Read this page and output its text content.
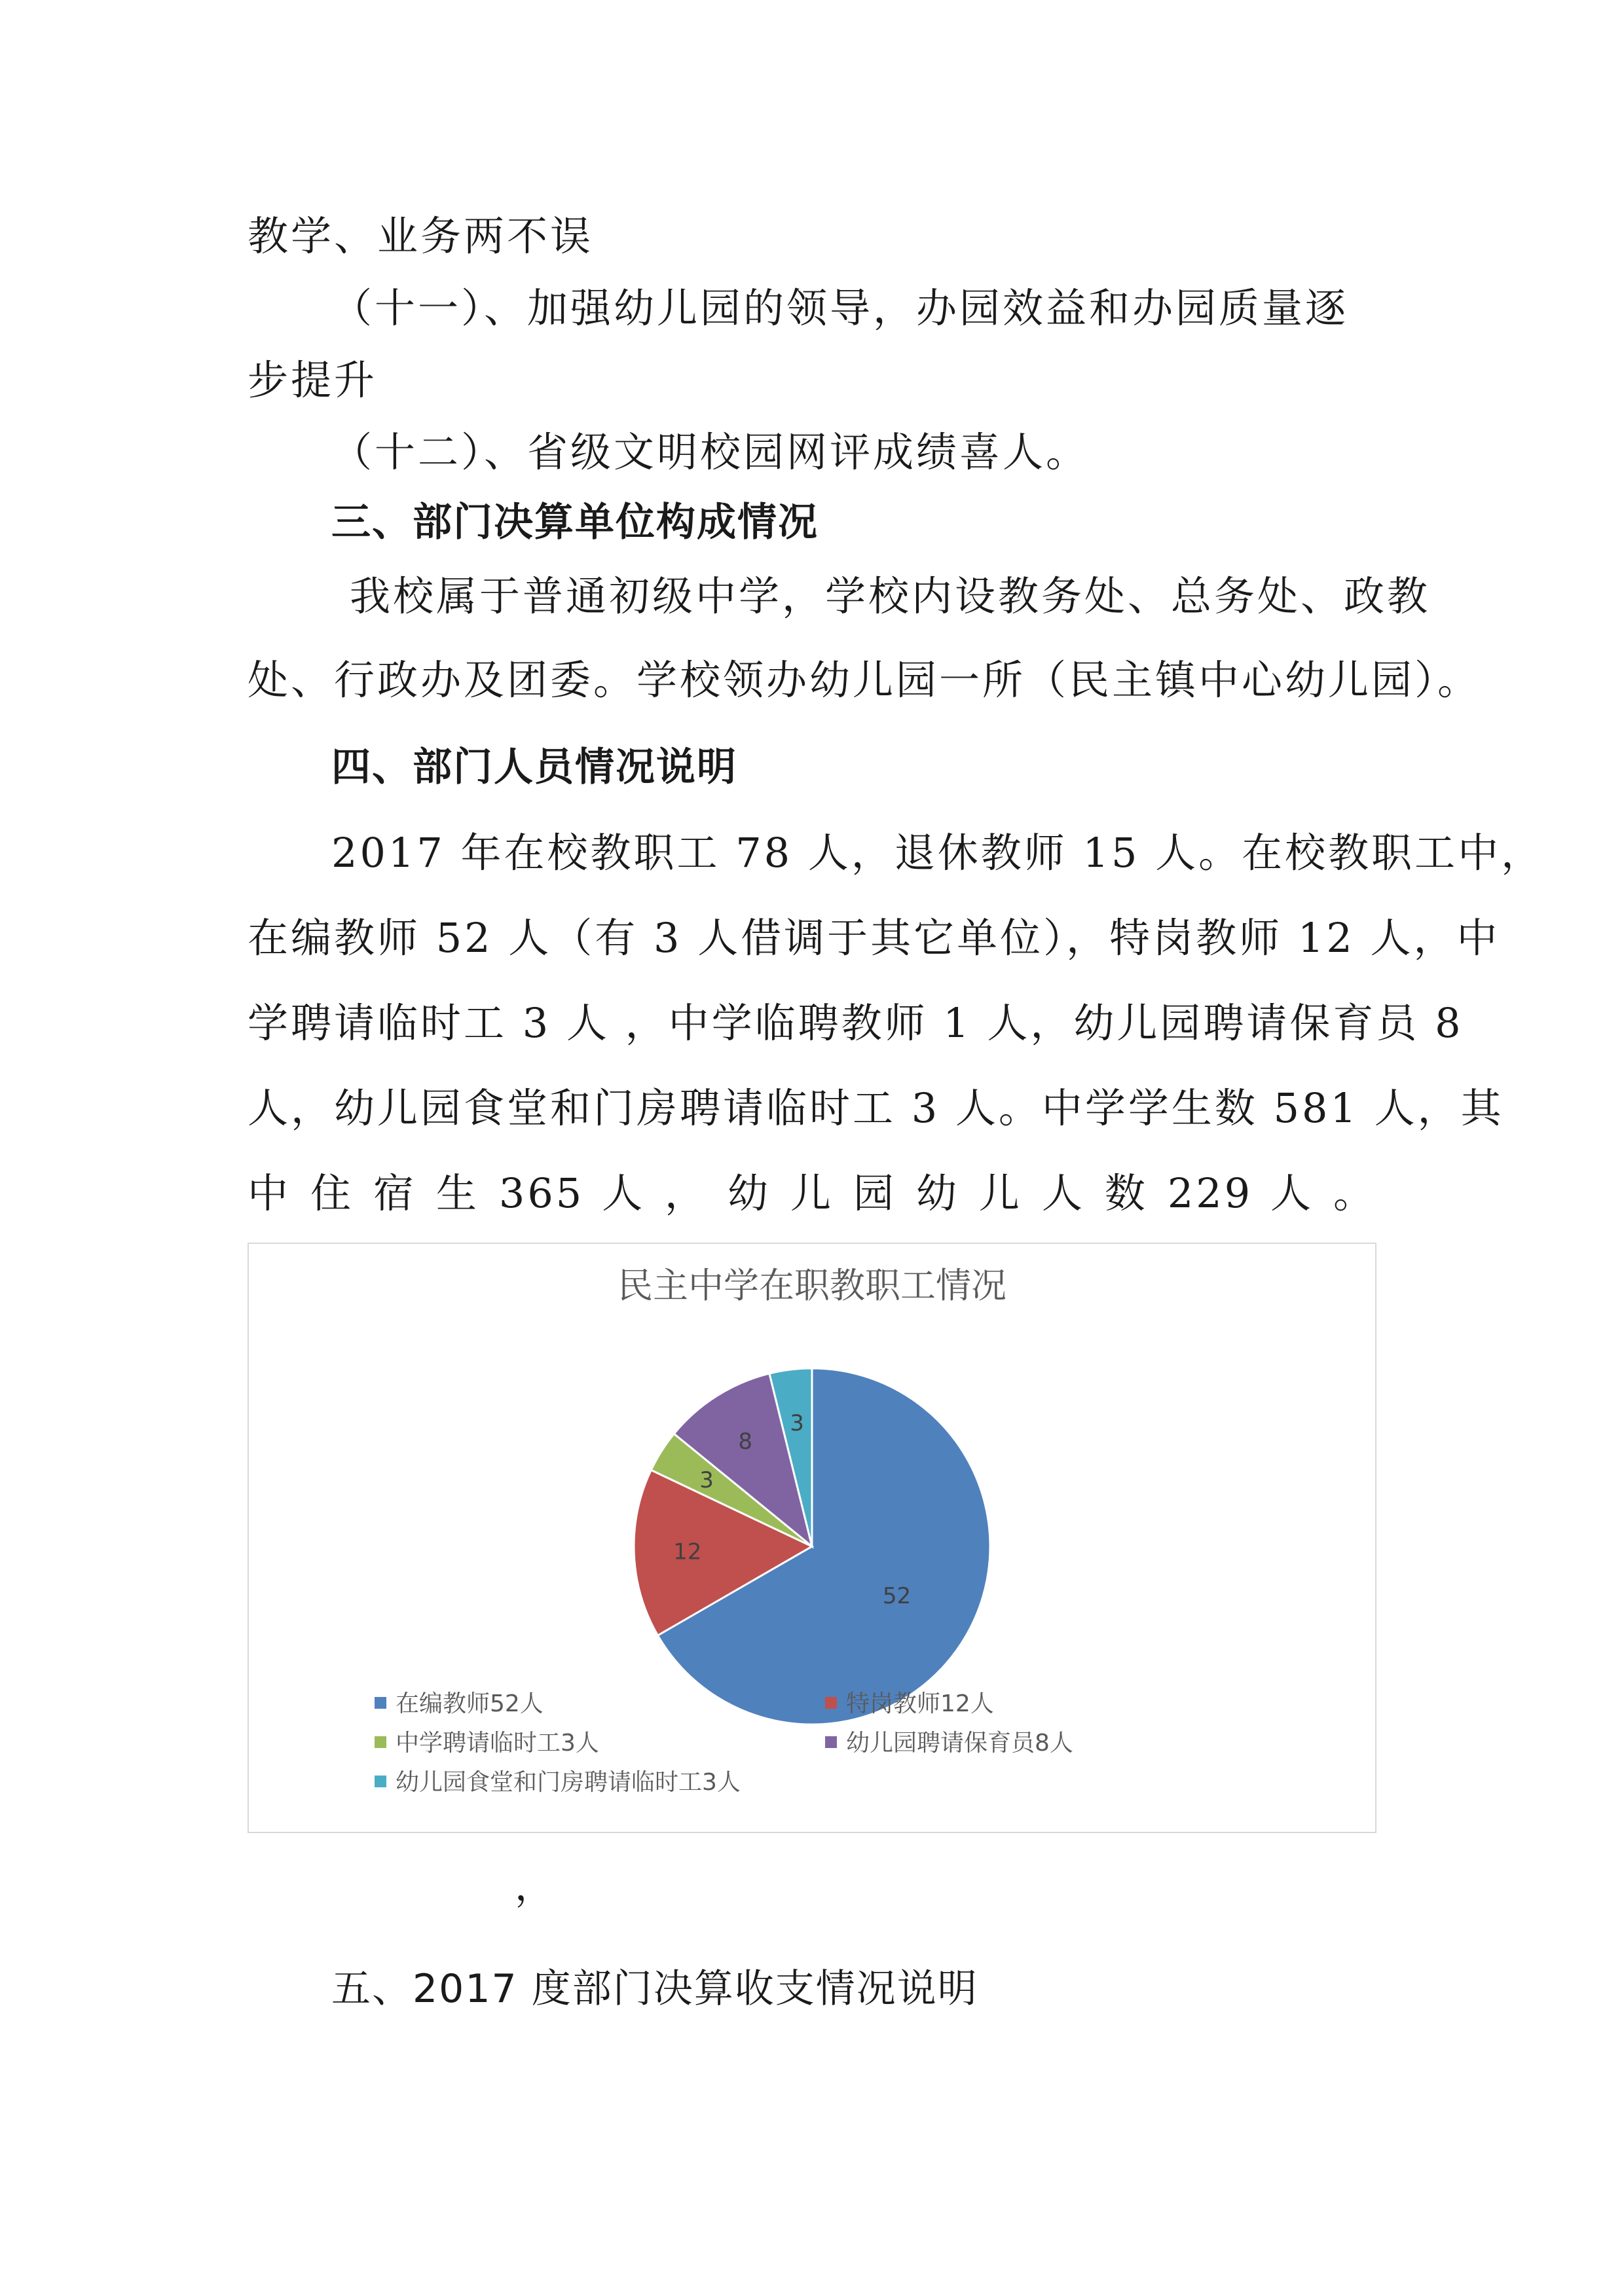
教学、业务两不误
（十一）、加强幼儿园的领导，办园效益和办园质量逐
步提升
（十二）、省级文明校园网评成绩喜人。
三、部门决算单位构成情况
我校属于普通初级中学，学校内设教务处、总务处、政教
处、行政办及团委。学校领办幼儿园一所（民主镇中心幼儿园）。
四、部门人员情况说明
2017 年在校教职工 78 人，退休教师 15 人。在校教职工中，
在编教师 52 人（有 3 人借调于其它单位），特岗教师 12 人，中
学聘请临时工 3 人 ，中学临聘教师 1 人，幼儿园聘请保育员 8
人，幼儿园食堂和门房聘请临时工 3 人。中学学生数 581 人，其
中 住 宿 生 365 人 ， 幼 儿 园 幼 儿 人 数 229 人 。
民主中学在职教职工情况
52
12
3
8
3
在编教师52人	特岗教师12人
中学聘请临时工3人	幼儿园聘请保育员8人
幼儿园食堂和门房聘请临时工3人
，
五、2017 度部门决算收支情况说明
